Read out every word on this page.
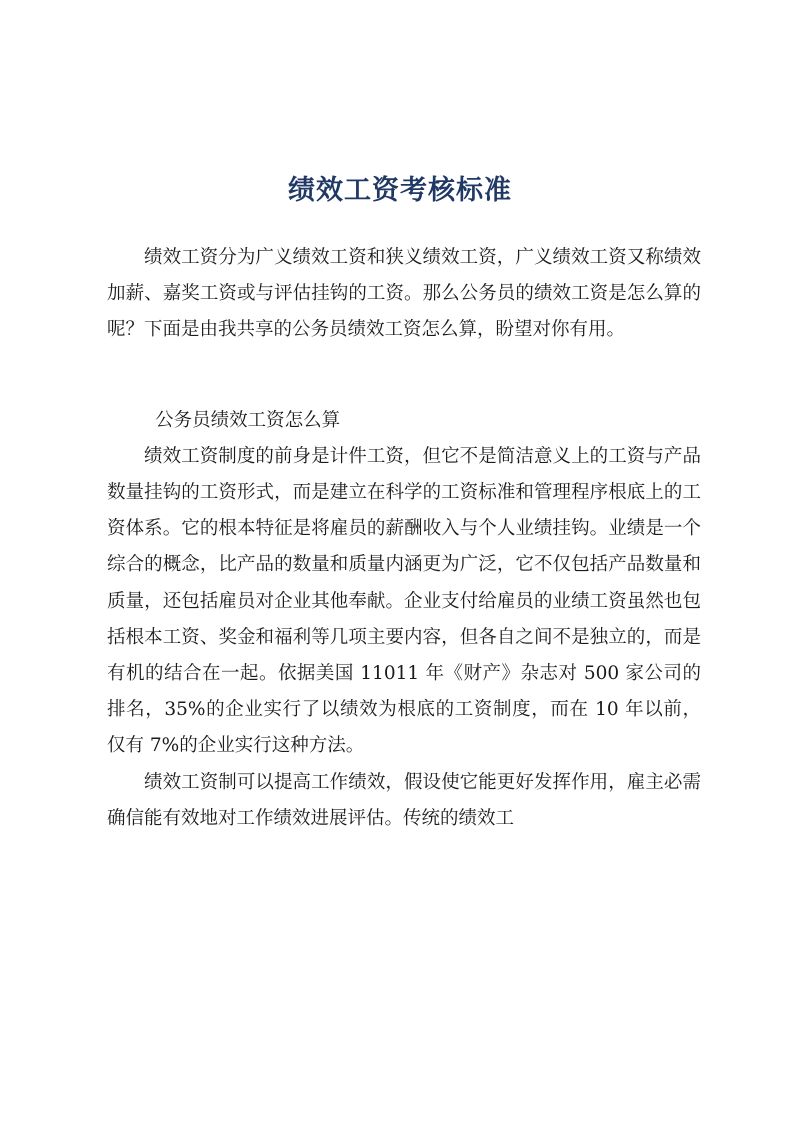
绩效工资考核标准

绩效工资分为广义绩效工资和狭义绩效工资，广义绩效工资又称绩效加薪、嘉奖工资或与评估挂钩的工资。那么公务员的绩效工资是怎么算的呢？下面是由我共享的公务员绩效工资怎么算，盼望对你有用。

公务员绩效工资怎么算

绩效工资制度的前身是计件工资，但它不是简洁意义上的工资与产品数量挂钩的工资形式，而是建立在科学的工资标准和管理程序根底上的工资体系。它的根本特征是将雇员的薪酬收入与个人业绩挂钩。业绩是一个综合的概念，比产品的数量和质量内涵更为广泛，它不仅包括产品数量和质量，还包括雇员对企业其他奉献。企业支付给雇员的业绩工资虽然也包括根本工资、奖金和福利等几项主要内容，但各自之间不是独立的，而是有机的结合在一起。依据美国 11011 年《财产》杂志对 500 家公司的排名，35%的企业实行了以绩效为根底的工资制度，而在 10 年以前，仅有 7%的企业实行这种方法。

绩效工资制可以提高工作绩效，假设使它能更好发挥作用，雇主必需确信能有效地对工作绩效进展评估。传统的绩效工
